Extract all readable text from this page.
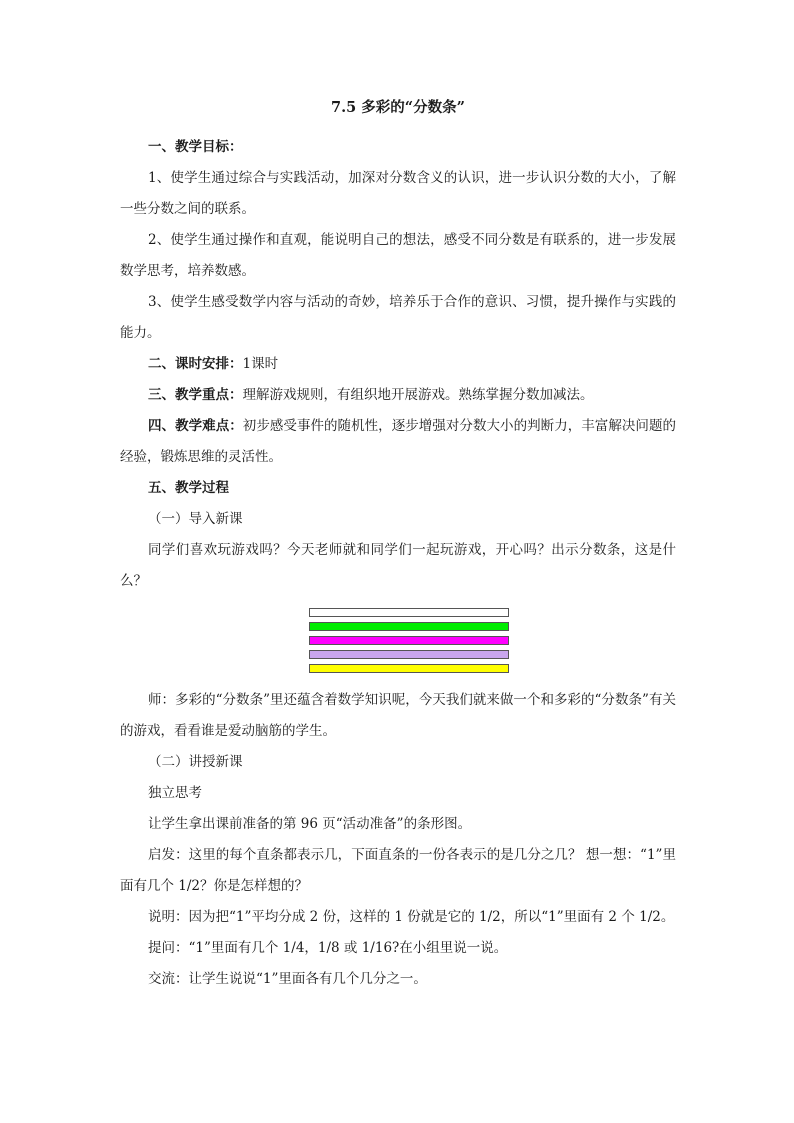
7.5 多彩的“分数条”

一、教学目标：

1、使学生通过综合与实践活动，加深对分数含义的认识，进一步认识分数的大小，了解一些分数之间的联系。

2、使学生通过操作和直观，能说明自己的想法，感受不同分数是有联系的，进一步发展数学思考，培养数感。

3、使学生感受数学内容与活动的奇妙，培养乐于合作的意识、习惯，提升操作与实践的能力。

二、课时安排：1课时

三、教学重点：理解游戏规则，有组织地开展游戏。熟练掌握分数加减法。

四、教学难点：初步感受事件的随机性，逐步增强对分数大小的判断力，丰富解决问题的经验，锻炼思维的灵活性。

五、教学过程

（一）导入新课

同学们喜欢玩游戏吗？今天老师就和同学们一起玩游戏，开心吗？出示分数条，这是什么？

师：多彩的“分数条”里还蕴含着数学知识呢，今天我们就来做一个和多彩的“分数条”有关的游戏，看看谁是爱动脑筋的学生。

（二）讲授新课

独立思考

让学生拿出课前准备的第 96 页“活动准备”的条形图。

启发：这里的每个直条都表示几，下面直条的一份各表示的是几分之几？ 想一想：“1”里面有几个 1/2？你是怎样想的？

说明：因为把“1”平均分成 2 份，这样的 1 份就是它的 1/2，所以“1”里面有 2 个 1/2。

提问：“1”里面有几个 1/4，1/8 或 1/16?在小组里说一说。

交流：让学生说说“1”里面各有几个几分之一。
